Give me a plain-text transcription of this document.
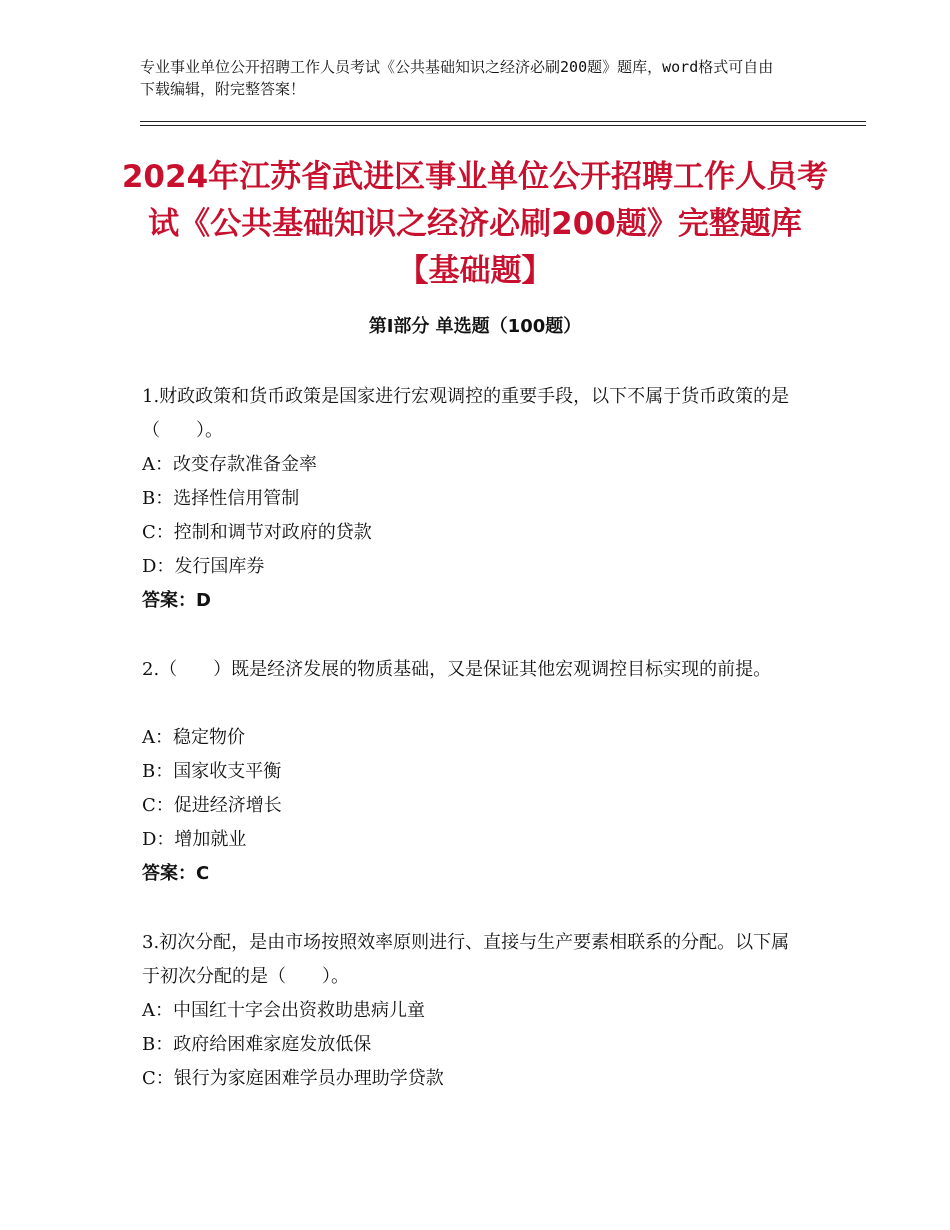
专业事业单位公开招聘工作人员考试《公共基础知识之经济必刷200题》题库，word格式可自由下载编辑，附完整答案！
2024年江苏省武进区事业单位公开招聘工作人员考试《公共基础知识之经济必刷200题》完整题库【基础题】
第Ⅰ部分 单选题（100题）
1.财政政策和货币政策是国家进行宏观调控的重要手段，以下不属于货币政策的是（　　）。
A：改变存款准备金率
B：选择性信用管制
C：控制和调节对政府的贷款
D：发行国库券
答案：D
2.（　　）既是经济发展的物质基础，又是保证其他宏观调控目标实现的前提。
A：稳定物价
B：国家收支平衡
C：促进经济增长
D：增加就业
答案：C
3.初次分配，是由市场按照效率原则进行、直接与生产要素相联系的分配。以下属于初次分配的是（　　）。
A：中国红十字会出资救助患病儿童
B：政府给困难家庭发放低保
C：银行为家庭困难学员办理助学贷款
